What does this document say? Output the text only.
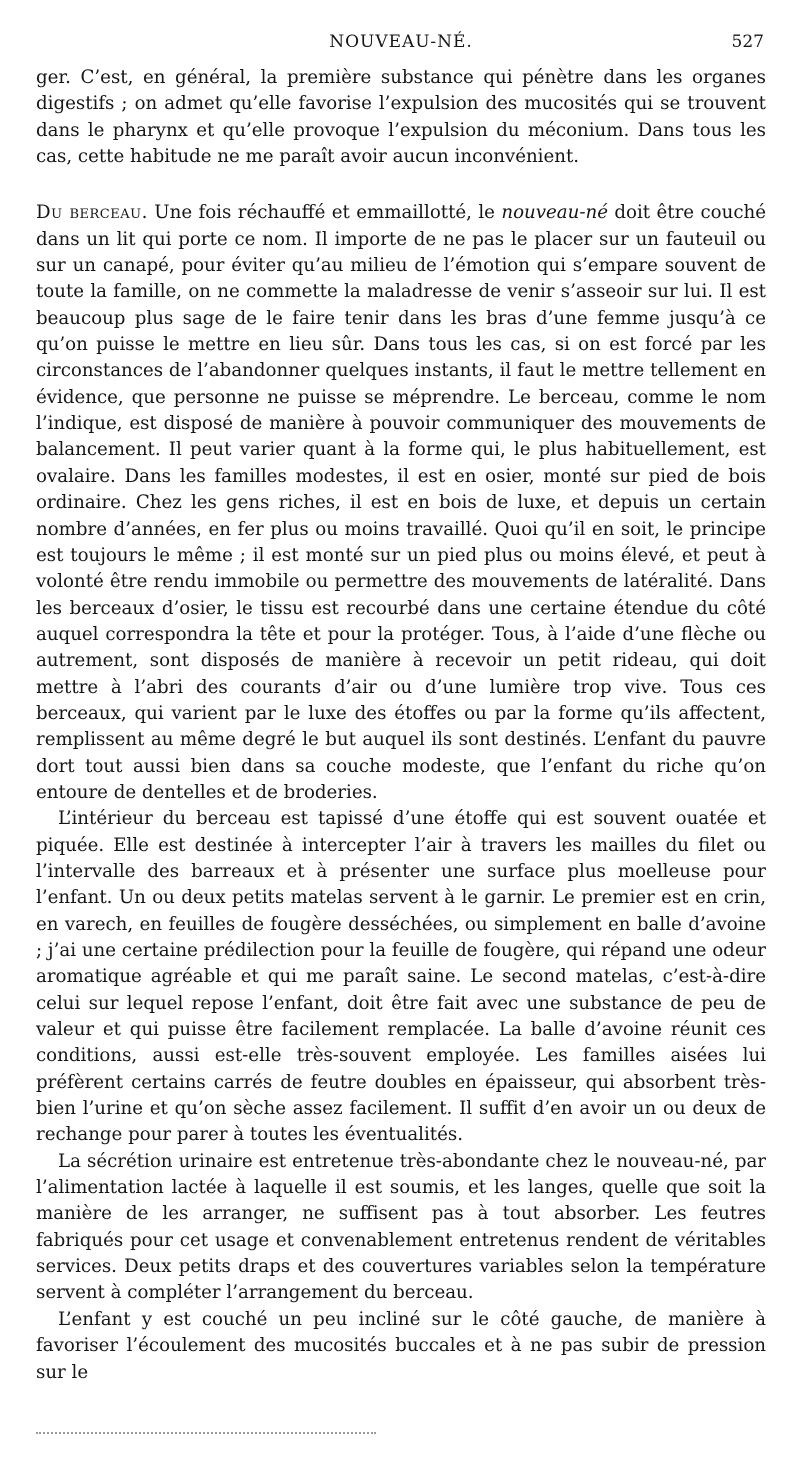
NOUVEAU-NÉ.	527

ger. C’est, en général, la première substance qui pénètre dans les organes digestifs ; on admet qu’elle favorise l’expulsion des mucosités qui se trouvent dans le pharynx et qu’elle provoque l’expulsion du méconium. Dans tous les cas, cette habitude ne me paraît avoir aucun inconvénient.

Du berceau. Une fois réchauffé et emmaillotté, le nouveau-né doit être couché dans un lit qui porte ce nom. Il importe de ne pas le placer sur un fauteuil ou sur un canapé, pour éviter qu’au milieu de l’émotion qui s’empare souvent de toute la famille, on ne commette la maladresse de venir s’asseoir sur lui. Il est beaucoup plus sage de le faire tenir dans les bras d’une femme jusqu’à ce qu’on puisse le mettre en lieu sûr. Dans tous les cas, si on est forcé par les circonstances de l’abandonner quelques instants, il faut le mettre tellement en évidence, que personne ne puisse se méprendre. Le berceau, comme le nom l’indique, est disposé de manière à pouvoir communiquer des mouvements de balancement. Il peut varier quant à la forme qui, le plus habituellement, est ovalaire. Dans les familles modestes, il est en osier, monté sur pied de bois ordinaire. Chez les gens riches, il est en bois de luxe, et depuis un certain nombre d’années, en fer plus ou moins travaillé. Quoi qu’il en soit, le principe est toujours le même ; il est monté sur un pied plus ou moins élevé, et peut à volonté être rendu immobile ou permettre des mouvements de latéralité. Dans les berceaux d’osier, le tissu est recourbé dans une certaine étendue du côté auquel correspondra la tête et pour la protéger. Tous, à l’aide d’une flèche ou autrement, sont disposés de manière à recevoir un petit rideau, qui doit mettre à l’abri des courants d’air ou d’une lumière trop vive. Tous ces berceaux, qui varient par le luxe des étoffes ou par la forme qu’ils affectent, remplissent au même degré le but auquel ils sont destinés. L’enfant du pauvre dort tout aussi bien dans sa couche modeste, que l’enfant du riche qu’on entoure de dentelles et de broderies.

L’intérieur du berceau est tapissé d’une étoffe qui est souvent ouatée et piquée. Elle est destinée à intercepter l’air à travers les mailles du filet ou l’intervalle des barreaux et à présenter une surface plus moelleuse pour l’enfant. Un ou deux petits matelas servent à le garnir. Le premier est en crin, en varech, en feuilles de fougère desséchées, ou simplement en balle d’avoine ; j’ai une certaine prédilection pour la feuille de fougère, qui répand une odeur aromatique agréable et qui me paraît saine. Le second matelas, c’est-à-dire celui sur lequel repose l’enfant, doit être fait avec une substance de peu de valeur et qui puisse être facilement remplacée. La balle d’avoine réunit ces conditions, aussi est-elle très-souvent employée. Les familles aisées lui préfèrent certains carrés de feutre doubles en épaisseur, qui absorbent très-bien l’urine et qu’on sèche assez facilement. Il suffit d’en avoir un ou deux de rechange pour parer à toutes les éventualités.

La sécrétion urinaire est entretenue très-abondante chez le nouveau-né, par l’alimentation lactée à laquelle il est soumis, et les langes, quelle que soit la manière de les arranger, ne suffisent pas à tout absorber. Les feutres fabriqués pour cet usage et convenablement entretenus rendent de véritables services. Deux petits draps et des couvertures variables selon la température servent à compléter l’arrangement du berceau.

L’enfant y est couché un peu incliné sur le côté gauche, de manière à favoriser l’écoulement des mucosités buccales et à ne pas subir de pression sur le
